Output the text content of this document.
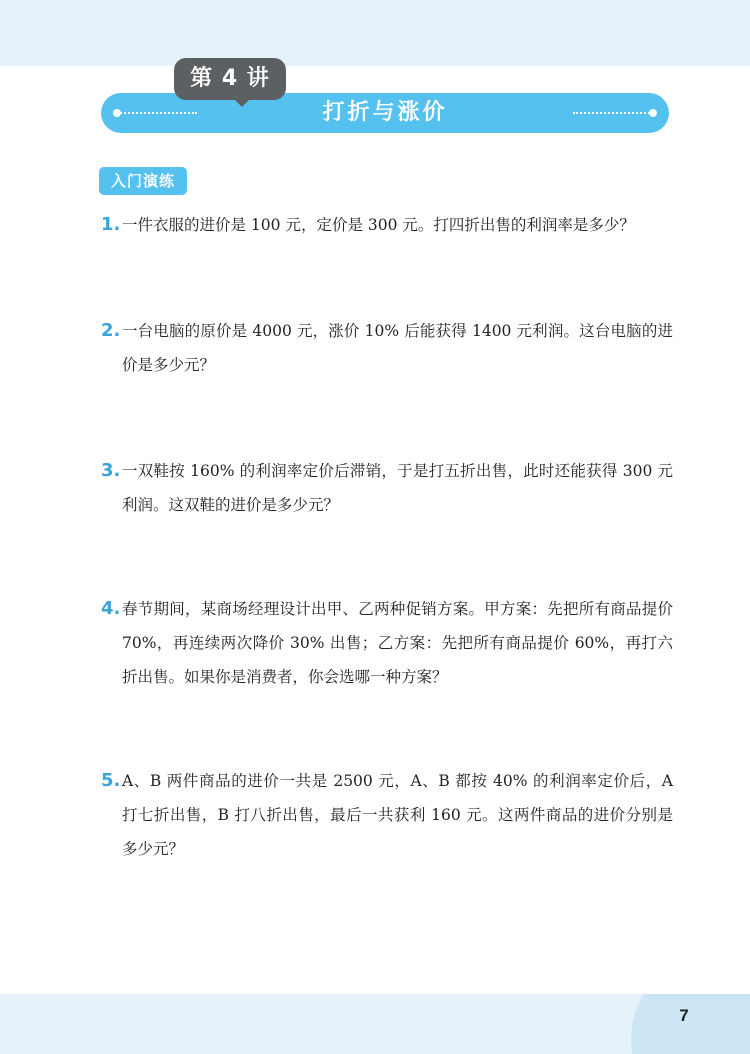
打折与涨价
第 4 讲
入门演练
1. 一件衣服的进价是 100 元，定价是 300 元。打四折出售的利润率是多少？
2. 一台电脑的原价是 4000 元，涨价 10% 后能获得 1400 元利润。这台电脑的进价是多少元？
3. 一双鞋按 160% 的利润率定价后滞销，于是打五折出售，此时还能获得 300 元利润。这双鞋的进价是多少元？
4. 春节期间，某商场经理设计出甲、乙两种促销方案。甲方案：先把所有商品提价 70%，再连续两次降价 30% 出售；乙方案：先把所有商品提价 60%，再打六折出售。如果你是消费者，你会选哪一种方案？
5. A、B 两件商品的进价一共是 2500 元，A、B 都按 40% 的利润率定价后，A 打七折出售，B 打八折出售，最后一共获利 160 元。这两件商品的进价分别是多少元？
7
